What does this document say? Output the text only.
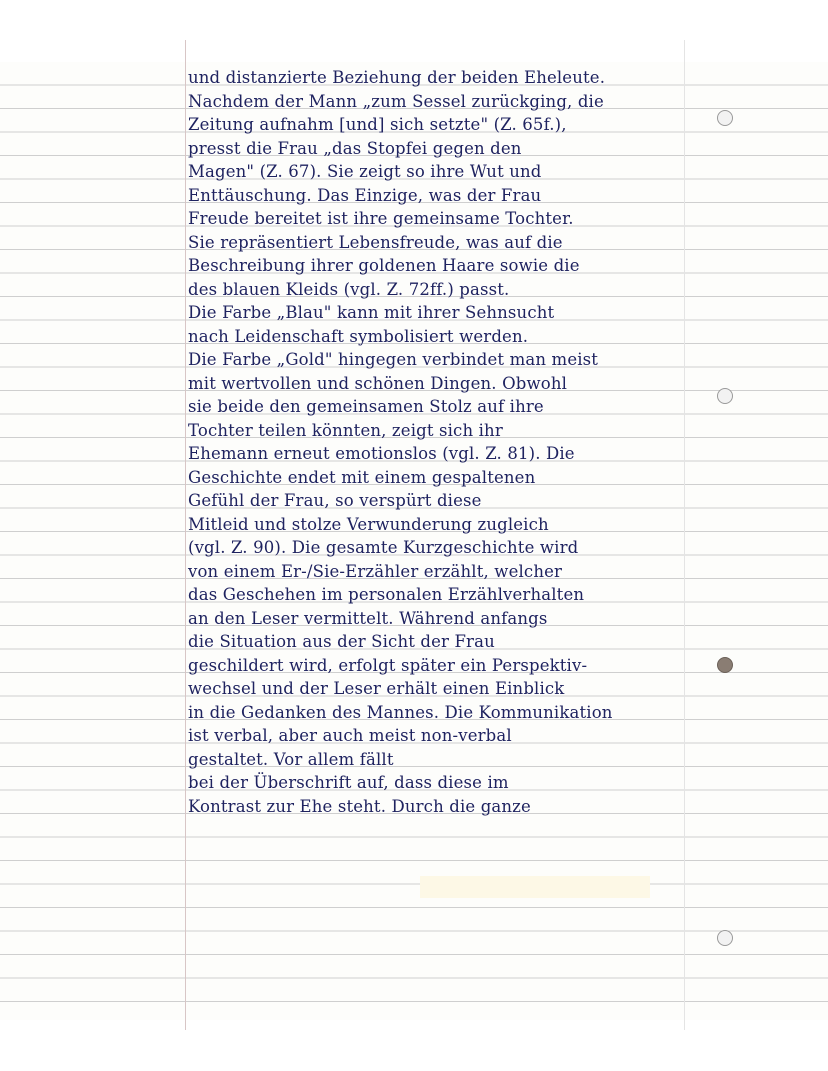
und distanzierte Beziehung der beiden Eheleute.
Nachdem der Mann „zum Sessel zurückging, die
Zeitung aufnahm [und] sich setzte" (Z. 65f.),
presst die Frau „das Stopfei gegen den
Magen" (Z. 67). Sie zeigt so ihre Wut und
Enttäuschung. Das Einzige, was der Frau
Freude bereitet ist ihre gemeinsame Tochter.
Sie repräsentiert Lebensfreude, was auf die
Beschreibung ihrer goldenen Haare sowie die
des blauen Kleids (vgl. Z. 72ff.) passt.
Die Farbe „Blau" kann mit ihrer Sehnsucht
nach Leidenschaft symbolisiert werden.
Die Farbe „Gold" hingegen verbindet man meist
mit wertvollen und schönen Dingen. Obwohl
sie beide den gemeinsamen Stolz auf ihre
Tochter teilen könnten, zeigt sich ihr
Ehemann erneut emotionslos (vgl. Z. 81). Die
Geschichte endet mit einem gespaltenen
Gefühl der Frau, so verspürt diese
Mitleid und stolze Verwunderung zugleich
(vgl. Z. 90). Die gesamte Kurzgeschichte wird
von einem Er-/Sie-Erzähler erzählt, welcher
das Geschehen im personalen Erzählverhalten
an den Leser vermittelt. Während anfangs
die Situation aus der Sicht der Frau
geschildert wird, erfolgt später ein Perspektiv-
wechsel und der Leser erhält einen Einblick
in die Gedanken des Mannes. Die Kommunikation
ist verbal, aber auch meist non-verbal
gestaltet. Vor allem fällt
bei der Überschrift auf, dass diese im
Kontrast zur Ehe steht. Durch die ganze
